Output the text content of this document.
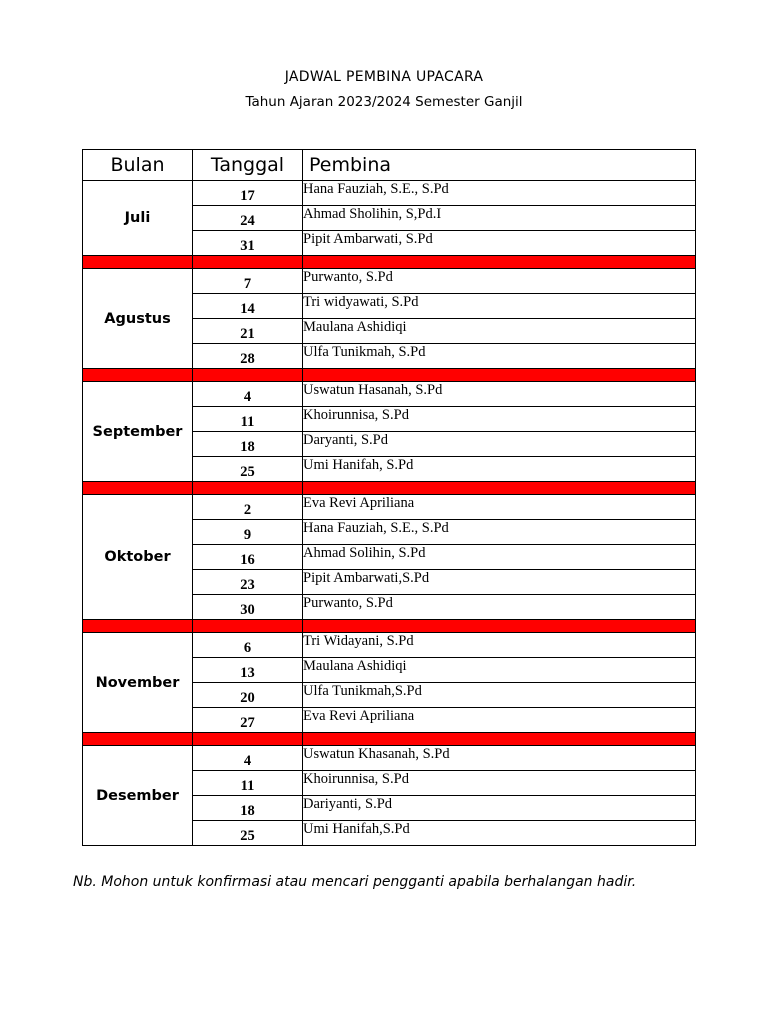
JADWAL PEMBINA UPACARA
Tahun Ajaran 2023/2024 Semester Ganjil
Bulan	Tanggal	Pembina
Juli	17	Hana Fauziah, S.E., S.Pd
	24	Ahmad Sholihin, S,Pd.I
	31	Pipit Ambarwati, S.Pd

Agustus	7	Purwanto, S.Pd
	14	Tri widyawati, S.Pd
	21	Maulana Ashidiqi
	28	Ulfa Tunikmah, S.Pd

September	4	Uswatun Hasanah, S.Pd
	11	Khoirunnisa, S.Pd
	18	Daryanti, S.Pd
	25	Umi Hanifah, S.Pd

Oktober	2	Eva Revi Apriliana
	9	Hana Fauziah, S.E., S.Pd
	16	Ahmad Solihin, S.Pd
	23	Pipit Ambarwati,S.Pd
	30	Purwanto, S.Pd

November	6	Tri Widayani, S.Pd
	13	Maulana Ashidiqi
	20	Ulfa Tunikmah,S.Pd
	27	Eva Revi Apriliana

Desember	4	Uswatun Khasanah, S.Pd
	11	Khoirunnisa, S.Pd
	18	Dariyanti, S.Pd
	25	Umi Hanifah,S.Pd
Nb. Mohon untuk konfirmasi atau mencari pengganti apabila berhalangan hadir.
